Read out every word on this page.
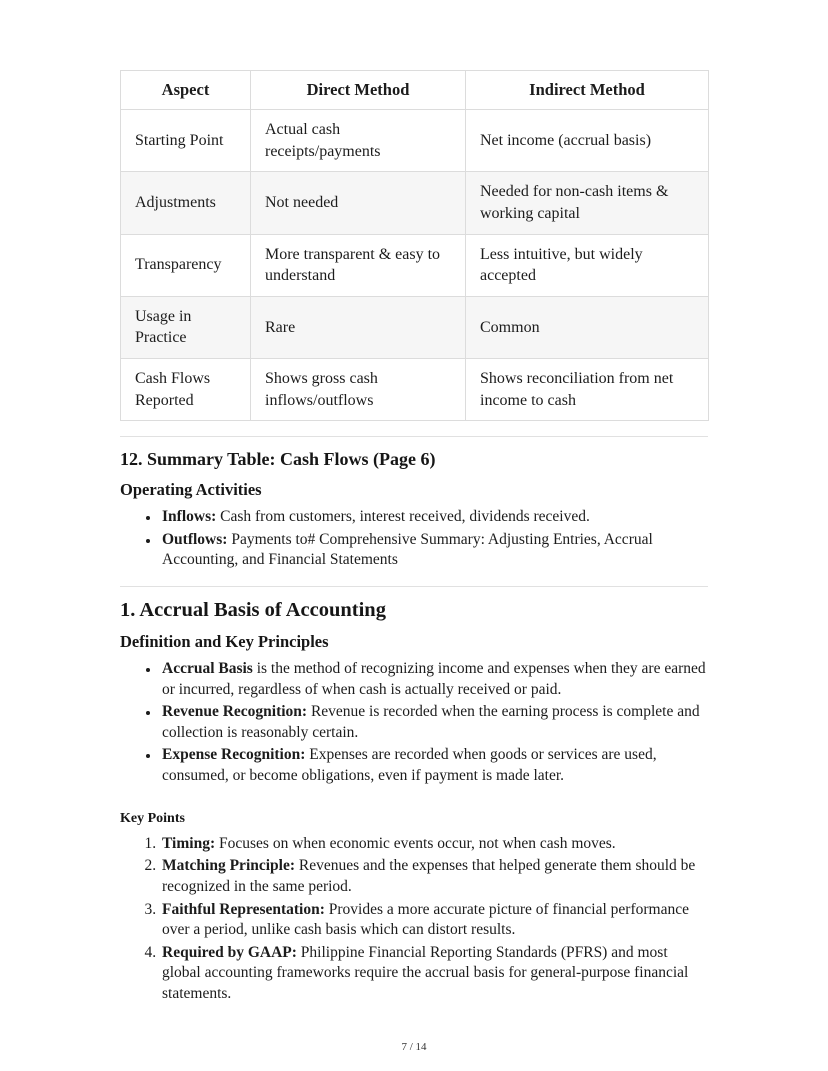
Aspect	Direct Method	Indirect Method
Starting Point	Actual cash receipts/payments	Net income (accrual basis)
Adjustments	Not needed	Needed for non-cash items & working capital
Transparency	More transparent & easy to understand	Less intuitive, but widely accepted
Usage in Practice	Rare	Common
Cash Flows Reported	Shows gross cash inflows/outflows	Shows reconciliation from net income to cash
12. Summary Table: Cash Flows (Page 6)
Operating Activities
• Inflows: Cash from customers, interest received, dividends received.
• Outflows: Payments to# Comprehensive Summary: Adjusting Entries, Accrual Accounting, and Financial Statements
1. Accrual Basis of Accounting
Definition and Key Principles
• Accrual Basis is the method of recognizing income and expenses when they are earned or incurred, regardless of when cash is actually received or paid.
• Revenue Recognition: Revenue is recorded when the earning process is complete and collection is reasonably certain.
• Expense Recognition: Expenses are recorded when goods or services are used, consumed, or become obligations, even if payment is made later.
Key Points
1. Timing: Focuses on when economic events occur, not when cash moves.
2. Matching Principle: Revenues and the expenses that helped generate them should be recognized in the same period.
3. Faithful Representation: Provides a more accurate picture of financial performance over a period, unlike cash basis which can distort results.
4. Required by GAAP: Philippine Financial Reporting Standards (PFRS) and most global accounting frameworks require the accrual basis for general-purpose financial statements.
7 / 14
